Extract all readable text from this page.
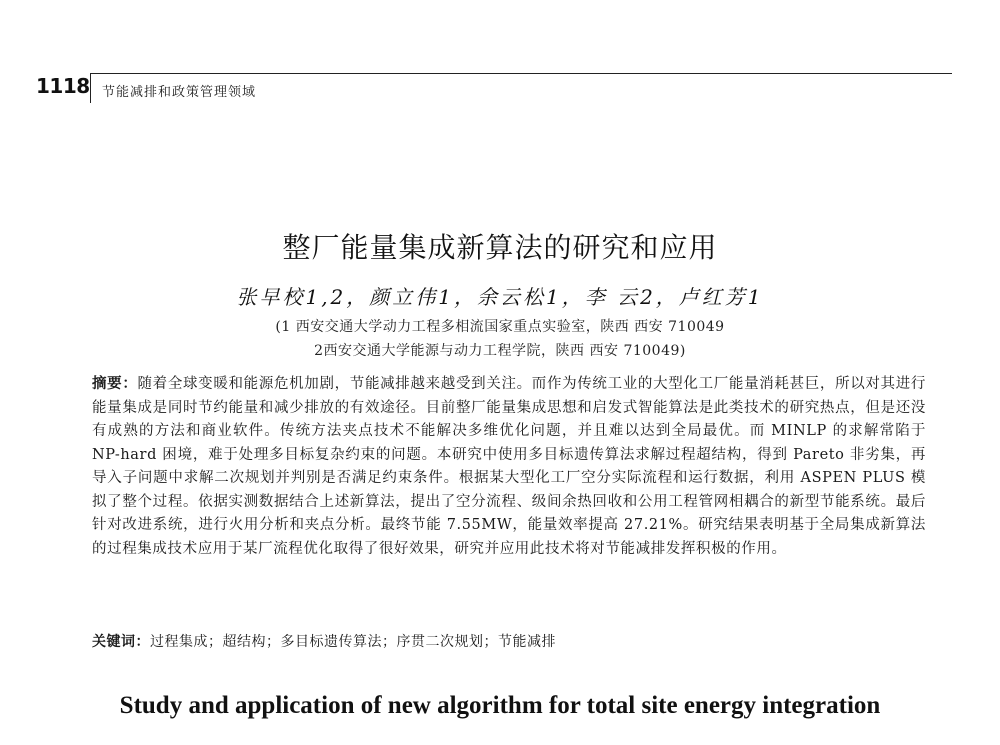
1118 节能减排和政策管理领域
整厂能量集成新算法的研究和应用
张早校1,2，颜立伟1，余云松1，李 云2，卢红芳1
(1 西安交通大学动力工程多相流国家重点实验室，陕西 西安 710049
2西安交通大学能源与动力工程学院，陕西 西安 710049)
摘要：随着全球变暖和能源危机加剧，节能减排越来越受到关注。而作为传统工业的大型化工厂能量消耗甚巨，所以对其进行能量集成是同时节约能量和减少排放的有效途径。目前整厂能量集成思想和启发式智能算法是此类技术的研究热点，但是还没有成熟的方法和商业软件。传统方法夹点技术不能解决多维优化问题，并且难以达到全局最优。而 MINLP 的求解常陷于 NP-hard 困境，难于处理多目标复杂约束的问题。本研究中使用多目标遗传算法求解过程超结构，得到 Pareto 非劣集，再导入子问题中求解二次规划并判别是否满足约束条件。根据某大型化工厂空分实际流程和运行数据，利用 ASPEN PLUS 模拟了整个过程。依据实测数据结合上述新算法，提出了空分流程、级间余热回收和公用工程管网相耦合的新型节能系统。最后针对改进系统，进行火用分析和夹点分析。最终节能 7.55MW，能量效率提高 27.21%。研究结果表明基于全局集成新算法的过程集成技术应用于某厂流程优化取得了很好效果，研究并应用此技术将对节能减排发挥积极的作用。
关键词：过程集成；超结构；多目标遗传算法；序贯二次规划；节能减排
Study and application of new algorithm for total site energy integration
